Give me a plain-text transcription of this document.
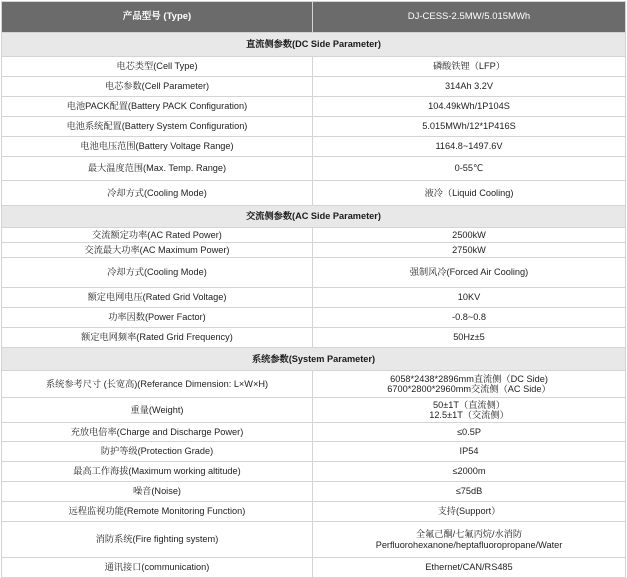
产品型号 (Type)	DJ-CESS-2.5MW/5.015MWh
直流侧参数(DC Side Parameter)	
电芯类型(Cell Type)	磷酸铁锂（LFP）
电芯参数(Cell Parameter)	314Ah 3.2V
电池PACK配置(Battery PACK Configuration)	104.49kWh/1P104S
电池系统配置(Battery System Configuration)	5.015MWh/12*1P416S
电池电压范围(Battery Voltage Range)	1164.8~1497.6V
最大温度范围(Max. Temp. Range)	0-55℃
冷却方式(Cooling Mode)	液冷（Liquid Cooling)
交流侧参数(AC Side Parameter)	
交流额定功率(AC Rated Power)	2500kW
交流最大功率(AC Maximum Power)	2750kW
冷却方式(Cooling Mode)	强制风冷(Forced Air Cooling)
额定电网电压(Rated Grid Voltage)	10KV
功率因数(Power Factor)	-0.8~0.8
额定电网频率(Rated Grid Frequency)	50Hz±5
系统参数(System Parameter)	
系统参考尺寸 (长宽高)(Referance Dimension: L×W×H)	6058*2438*2896mm直流侧（DC Side)
6700*2800*2960mm交流侧（AC Side）

重量(Weight)	50±1T（直流侧）
12.5±1T（交流侧）

充放电倍率(Charge and Discharge Power)	≤0.5P
防护等级(Protection Grade)	IP54
最高工作海拔(Maximum working altitude)	≤2000m
噪音(Noise)	≤75dB
远程监视功能(Remote Monitoring Function)	支持(Support）
消防系统(Fire fighting system)	全氟己酮/七氟丙烷/水消防
Perfluorohexanone/heptafluoropropane/Water

通讯接口(communication)	Ethernet/CAN/RS485
